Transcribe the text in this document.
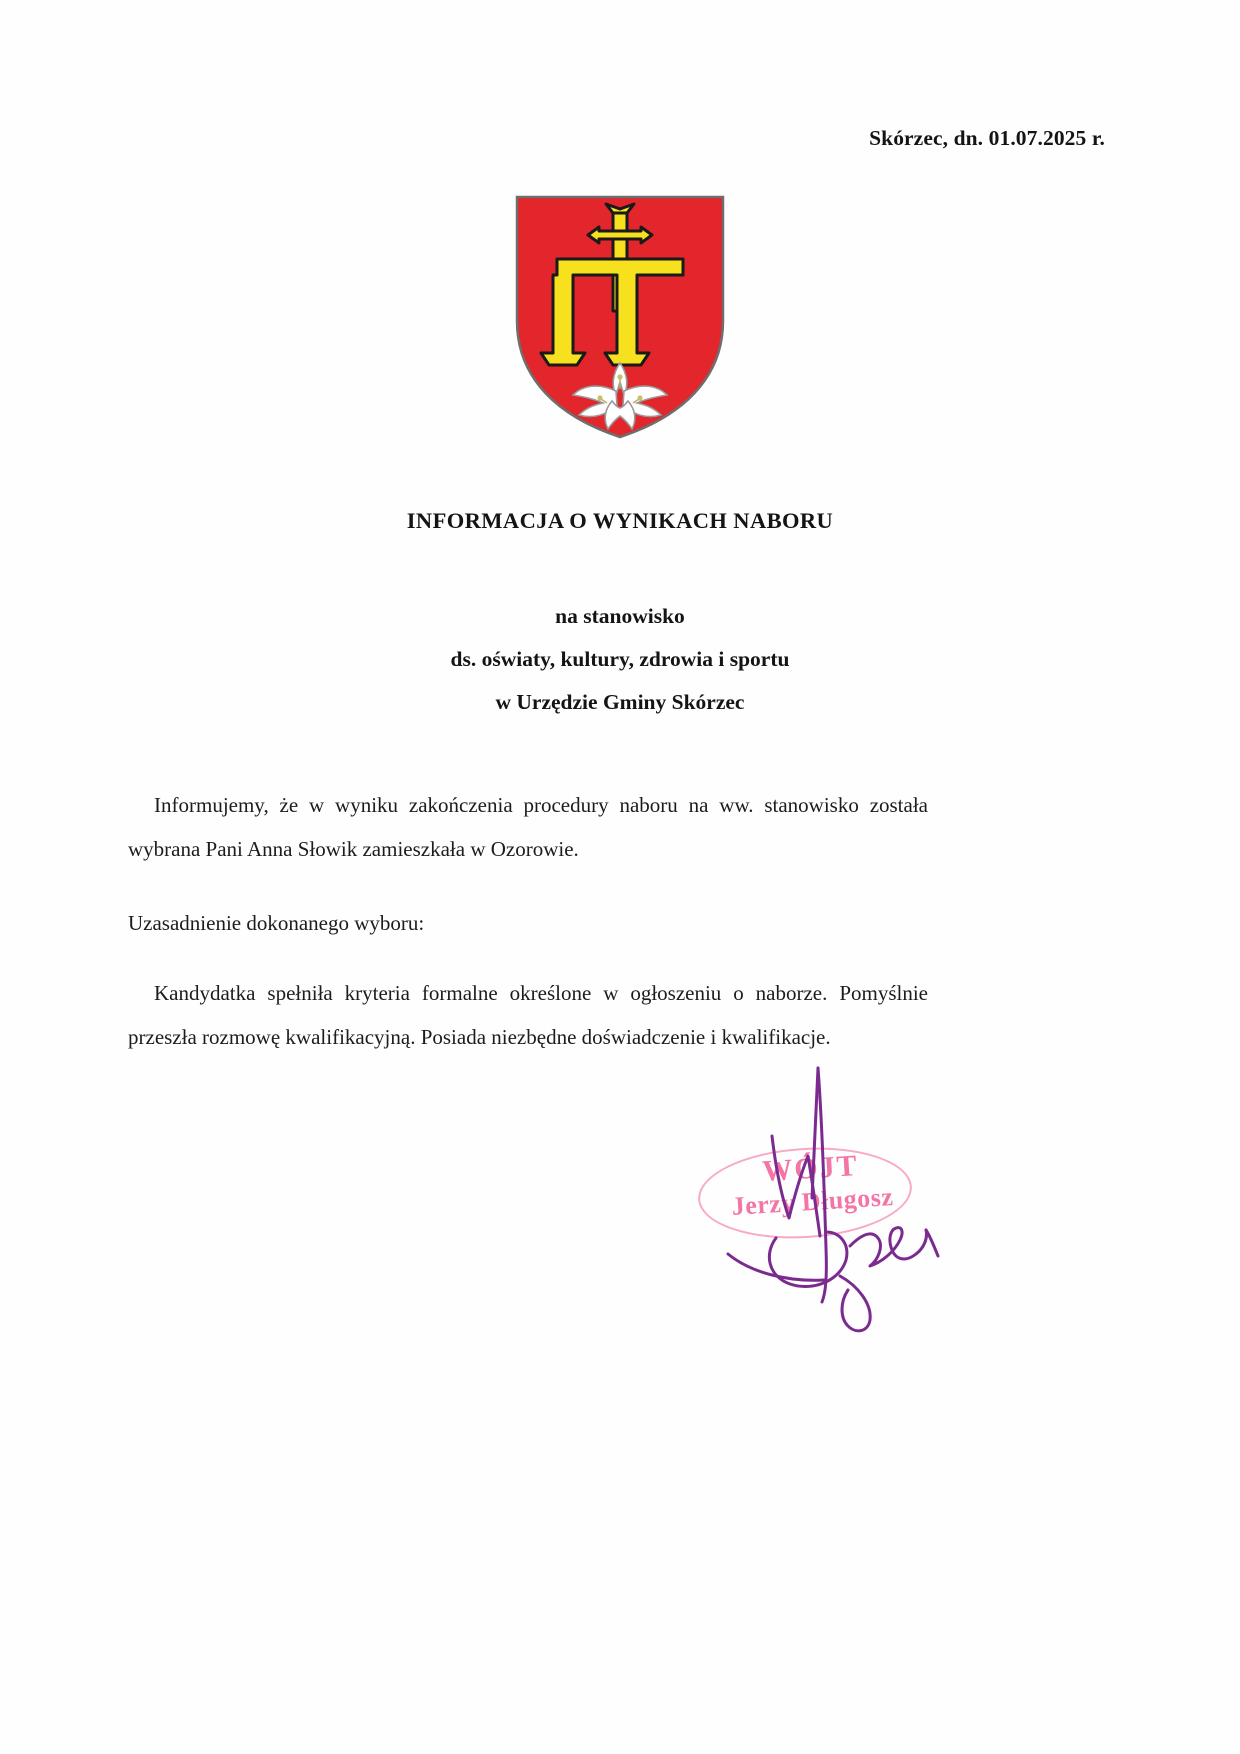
Skórzec, dn. 01.07.2025 r.
INFORMACJA O WYNIKACH NABORU
na stanowisko
ds. oświaty, kultury, zdrowia i sportu
w Urzędzie Gminy Skórzec

Informujemy, że w wyniku zakończenia procedury naboru na ww. stanowisko została wybrana Pani Anna Słowik zamieszkała w Ozorowie.

Uzasadnienie dokonanego wyboru:

Kandydatka spełniła kryteria formalne określone w ogłoszeniu o naborze. Pomyślnie przeszła rozmowę kwalifikacyjną. Posiada niezbędne doświadczenie i kwalifikacje.

WÓJT
Jerzy Długosz
